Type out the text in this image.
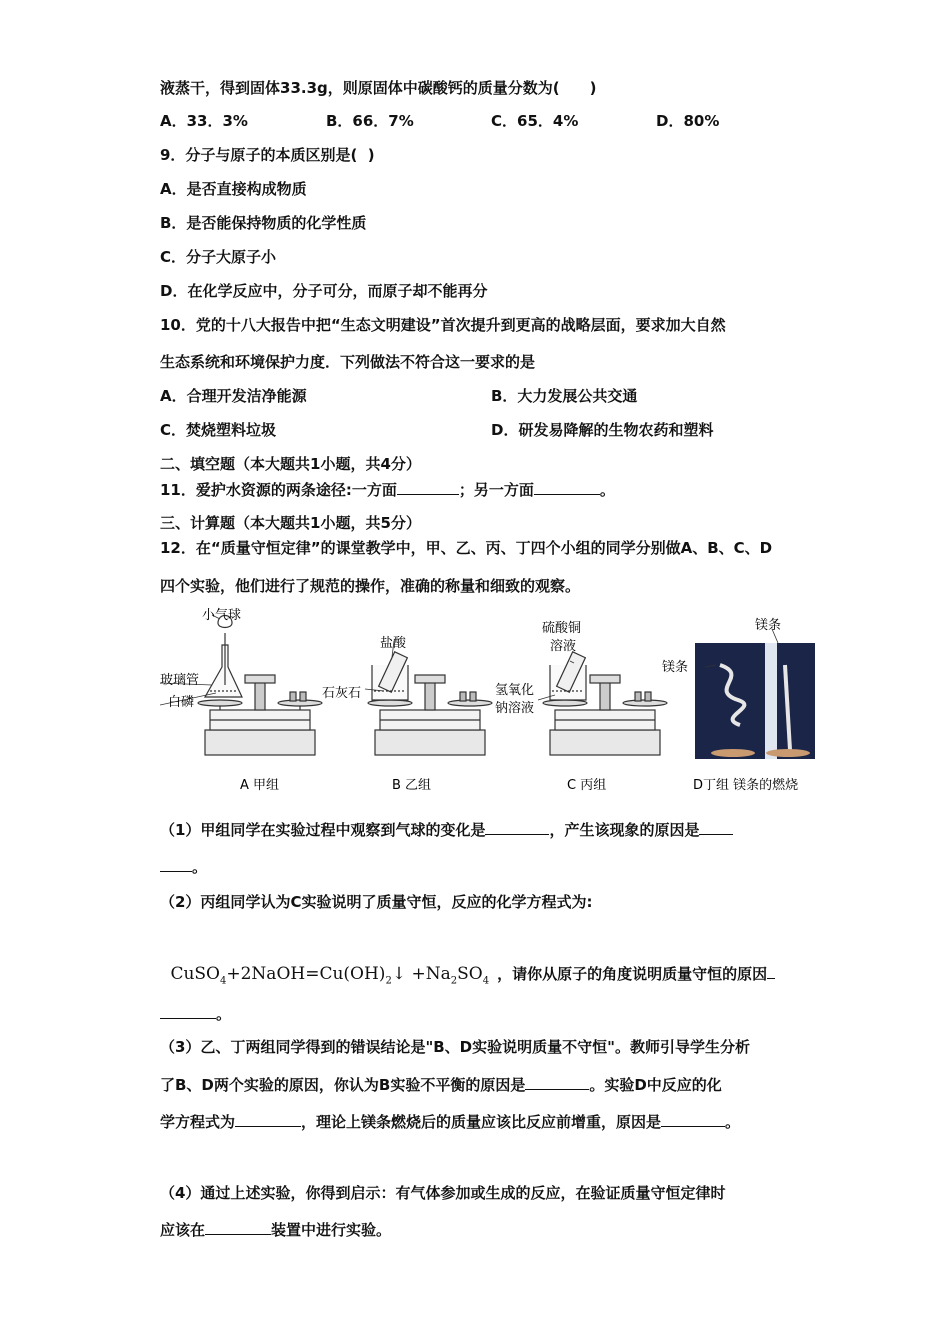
液蒸干，得到固体33.3g，则原固体中碳酸钙的质量分数为(　　)
A．33．3%	B．66．7%	C．65．4%	D．80%
9．分子与原子的本质区别是(  )
A．是否直接构成物质
B．是否能保持物质的化学性质
C．分子大原子小
D．在化学反应中，分子可分，而原子却不能再分
10．党的十八大报告中把“生态文明建设”首次提升到更高的战略层面，要求加大自然
生态系统和环境保护力度．下列做法不符合这一要求的是
A．合理开发洁净能源	B．大力发展公共交通
C．焚烧塑料垃圾	D．研发易降解的生物农药和塑料
二、填空题（本大题共1小题，共4分）
11．爱护水资源的两条途径:一方面	；另一方面	。
三、计算题（本大题共1小题，共5分）
12．在“质量守恒定律”的课堂教学中，甲、乙、丙、丁四个小组的同学分别做A、B、C、D
四个实验，他们进行了规范的操作，准确的称量和细致的观察。
小气球
玻璃管
白磷
盐酸
石灰石
硫酸铜
溶液
氢氧化
钠溶液
镁条
镁条
A 甲组	B 乙组	C 丙组	D丁组 镁条的燃烧
（1）甲组同学在实验过程中观察到气球的变化是	，产生该现象的原因是
。
（2）丙组同学认为C实验说明了质量守恒，反应的化学方程式为:

$CuSO_4+2NaOH=Cu(OH)_2↓ +Na_2SO_4$ ，请你从原子的角度说明质量守恒的原因

。
（3）乙、丁两组同学得到的错误结论是"B、D实验说明质量不守恒"。教师引导学生分析
了B、D两个实验的原因，你认为B实验不平衡的原因是	。实验D中反应的化
学方程式为	，理论上镁条燃烧后的质量应该比反应前增重，原因是	。
（4）通过上述实验，你得到启示：有气体参加或生成的反应，在验证质量守恒定律时
应该在	装置中进行实验。
